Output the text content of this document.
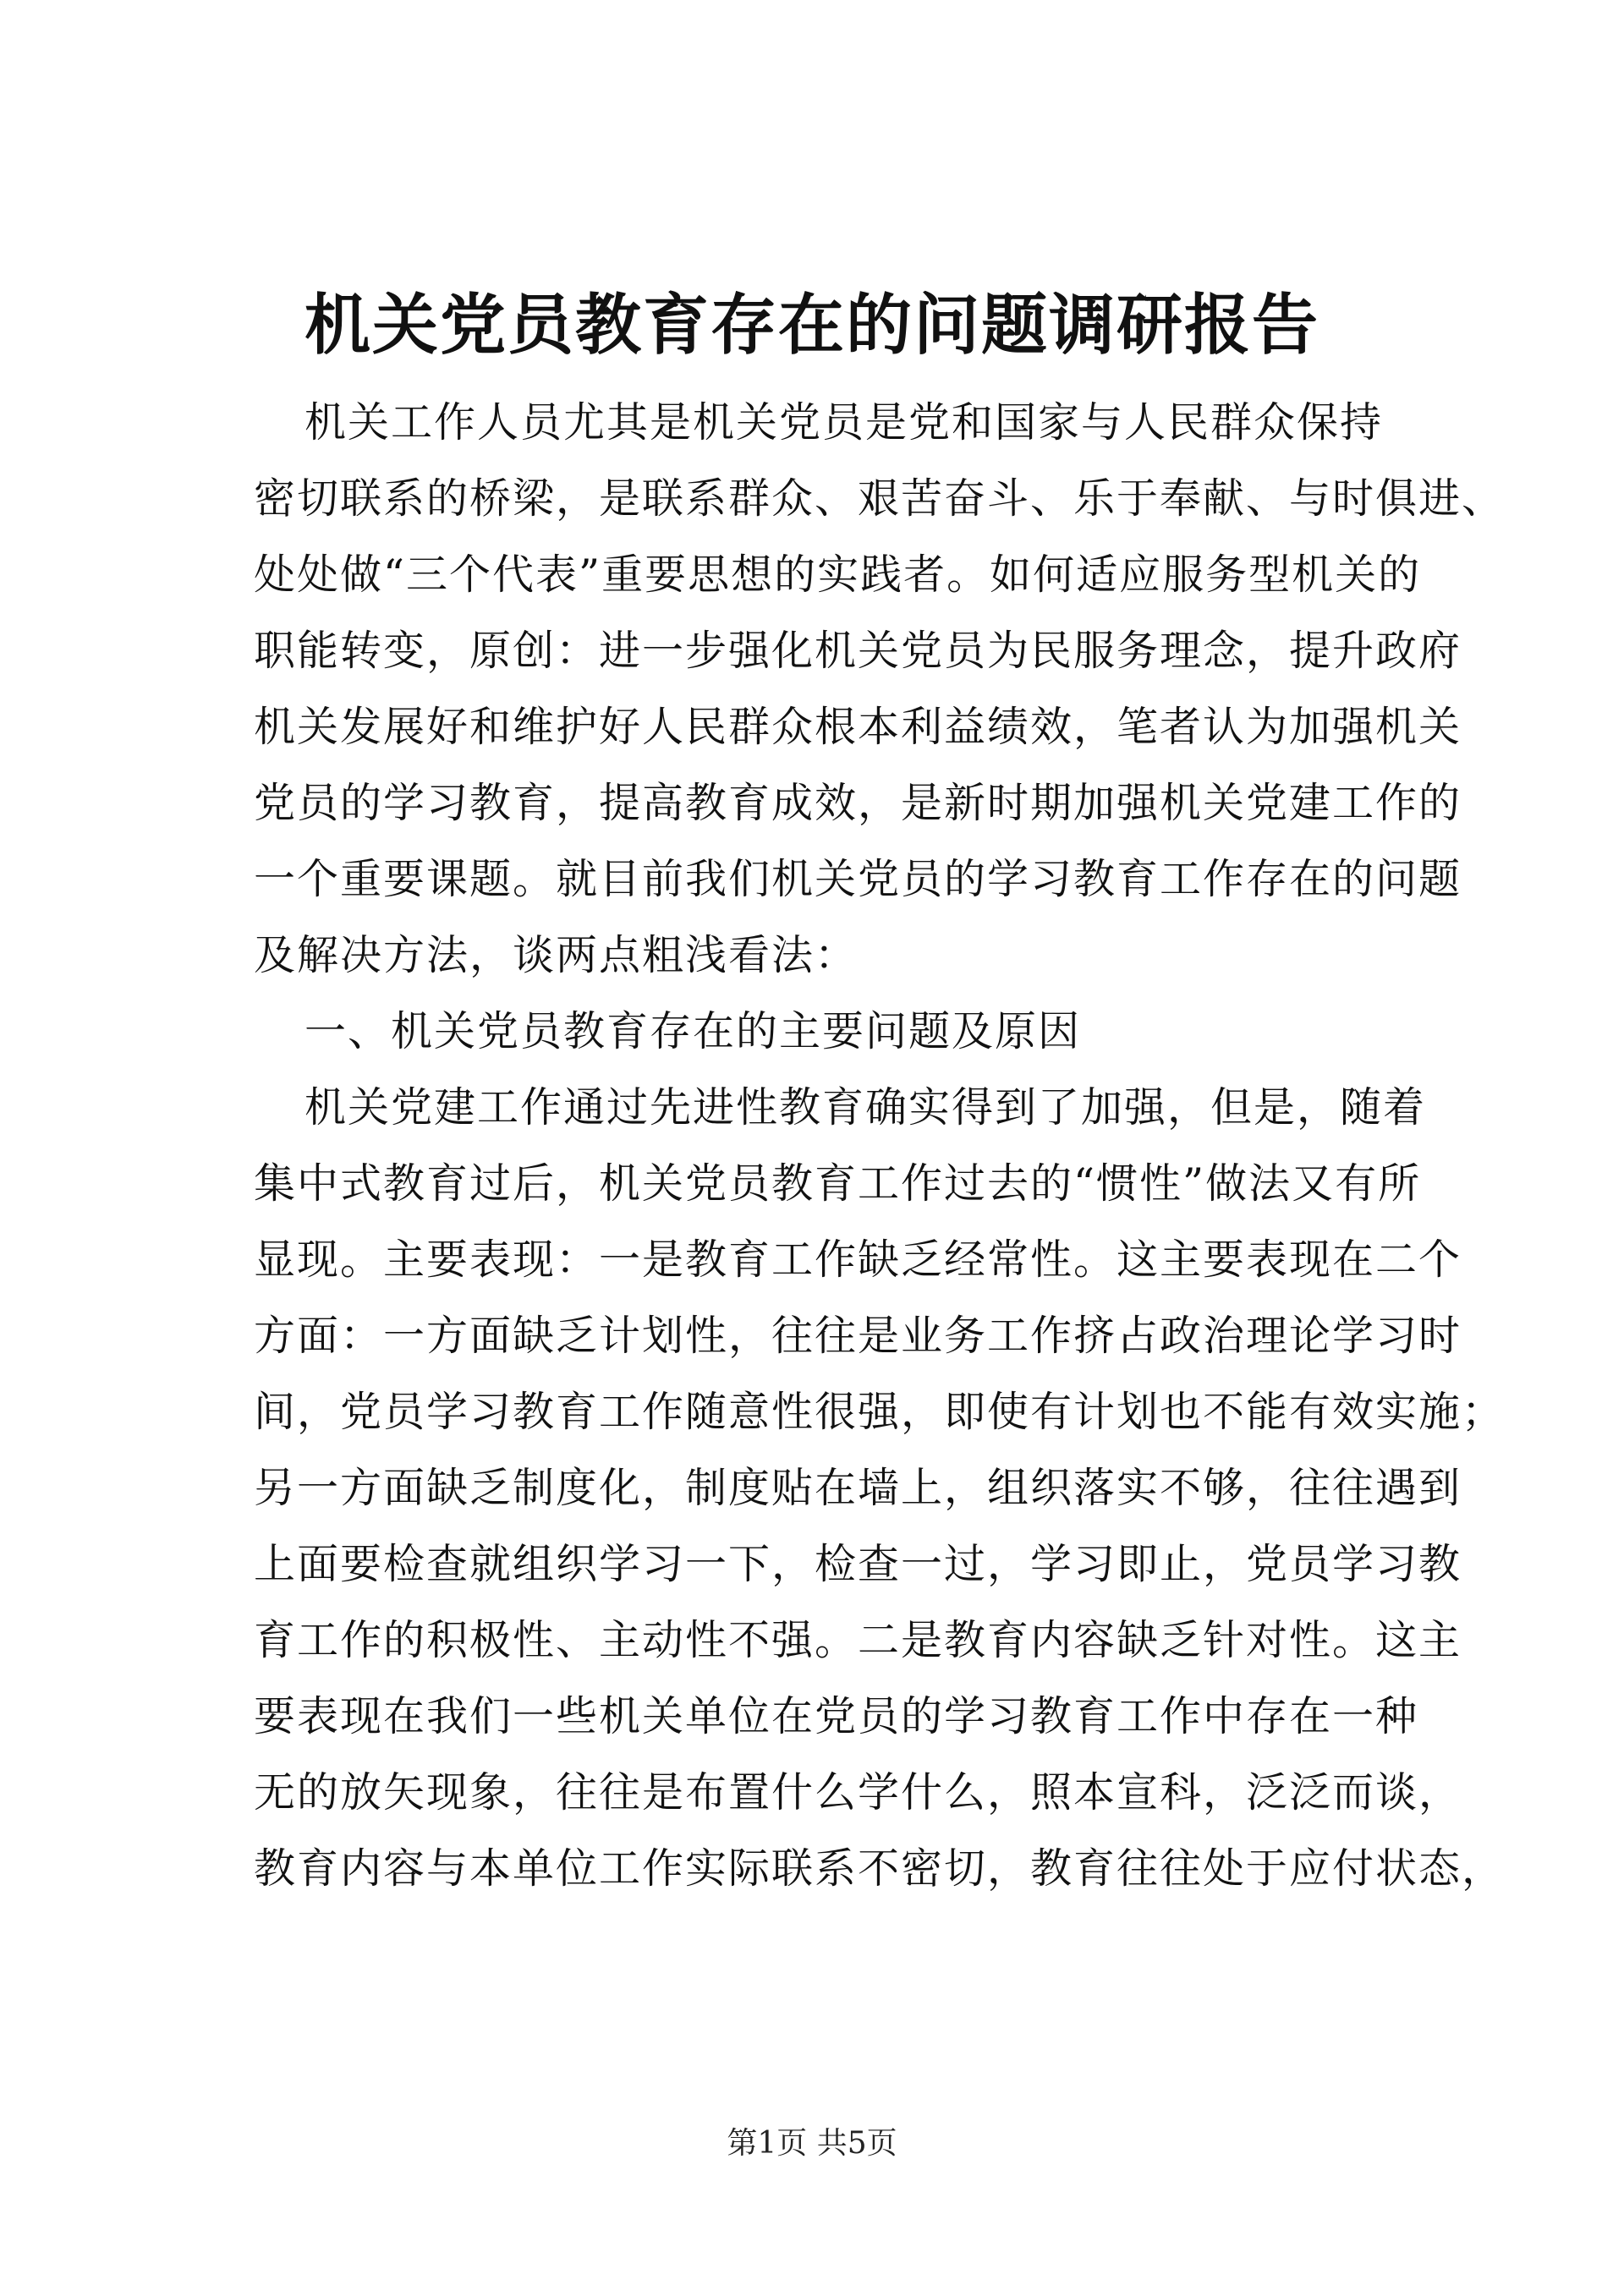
机关党员教育存在的问题调研报告
机关工作人员尤其是机关党员是党和国家与人民群众保持
密切联系的桥梁，是联系群众、艰苦奋斗、乐于奉献、与时俱进、
处处做“三个代表”重要思想的实践者。如何适应服务型机关的
职能转变，原创：进一步强化机关党员为民服务理念，提升政府
机关发展好和维护好人民群众根本利益绩效，笔者认为加强机关
党员的学习教育，提高教育成效，是新时期加强机关党建工作的
一个重要课题。就目前我们机关党员的学习教育工作存在的问题
及解决方法，谈两点粗浅看法：
一、机关党员教育存在的主要问题及原因
机关党建工作通过先进性教育确实得到了加强，但是，随着
集中式教育过后，机关党员教育工作过去的“惯性”做法又有所
显现。主要表现：一是教育工作缺乏经常性。这主要表现在二个
方面：一方面缺乏计划性，往往是业务工作挤占政治理论学习时
间，党员学习教育工作随意性很强，即使有计划也不能有效实施；
另一方面缺乏制度化，制度贴在墙上，组织落实不够，往往遇到
上面要检查就组织学习一下，检查一过，学习即止，党员学习教
育工作的积极性、主动性不强。二是教育内容缺乏针对性。这主
要表现在我们一些机关单位在党员的学习教育工作中存在一种
无的放矢现象，往往是布置什么学什么，照本宣科，泛泛而谈，
教育内容与本单位工作实际联系不密切，教育往往处于应付状态，
第1页 共5页
